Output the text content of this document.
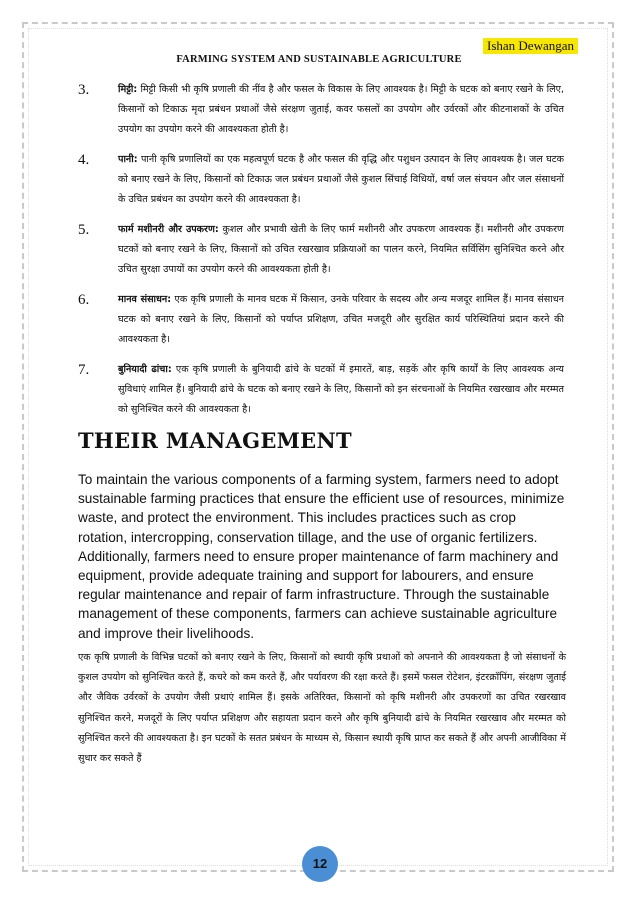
Ishan Dewangan
FARMING SYSTEM AND SUSTAINABLE AGRICULTURE
3.	मिट्टी: मिट्टी किसी भी कृषि प्रणाली की नींव है और फसल के विकास के लिए आवश्यक है। मिट्टी के घटक को बनाए रखने के लिए, किसानों को टिकाऊ मृदा प्रबंधन प्रथाओं जैसे संरक्षण जुताई, कवर फसलों का उपयोग और उर्वरकों और कीटनाशकों के उचित उपयोग का उपयोग करने की आवश्यकता होती है।
4.	पानी: पानी कृषि प्रणालियों का एक महत्वपूर्ण घटक है और फसल की वृद्धि और पशुधन उत्पादन के लिए आवश्यक है। जल घटक को बनाए रखने के लिए, किसानों को टिकाऊ जल प्रबंधन प्रथाओं जैसे कुशल सिंचाई विधियों, वर्षा जल संचयन और जल संसाधनों के उचित प्रबंधन का उपयोग करने की आवश्यकता है।
5.	फार्म मशीनरी और उपकरण: कुशल और प्रभावी खेती के लिए फार्म मशीनरी और उपकरण आवश्यक हैं। मशीनरी और उपकरण घटकों को बनाए रखने के लिए, किसानों को उचित रखरखाव प्रक्रियाओं का पालन करने, नियमित सर्विसिंग सुनिश्चित करने और उचित सुरक्षा उपायों का उपयोग करने की आवश्यकता होती है।
6.	मानव संसाधन: एक कृषि प्रणाली के मानव घटक में किसान, उनके परिवार के सदस्य और अन्य मजदूर शामिल हैं। मानव संसाधन घटक को बनाए रखने के लिए, किसानों को पर्याप्त प्रशिक्षण, उचित मजदूरी और सुरक्षित कार्य परिस्थितियां प्रदान करने की आवश्यकता है।
7.	बुनियादी ढांचा: एक कृषि प्रणाली के बुनियादी ढांचे के घटकों में इमारतें, बाड़, सड़कें और कृषि कार्यों के लिए आवश्यक अन्य सुविधाएं शामिल हैं। बुनियादी ढांचे के घटक को बनाए रखने के लिए, किसानों को इन संरचनाओं के नियमित रखरखाव और मरम्मत को सुनिश्चित करने की आवश्यकता है।
THEIR MANAGEMENT
To maintain the various components of a farming system, farmers need to adopt sustainable farming practices that ensure the efficient use of resources, minimize waste, and protect the environment. This includes practices such as crop rotation, intercropping, conservation tillage, and the use of organic fertilizers. Additionally, farmers need to ensure proper maintenance of farm machinery and equipment, provide adequate training and support for labourers, and ensure regular maintenance and repair of farm infrastructure. Through the sustainable management of these components, farmers can achieve sustainable agriculture and improve their livelihoods.
एक कृषि प्रणाली के विभिन्न घटकों को बनाए रखने के लिए, किसानों को स्थायी कृषि प्रथाओं को अपनाने की आवश्यकता है जो संसाधनों के कुशल उपयोग को सुनिश्चित करते हैं, कचरे को कम करते हैं, और पर्यावरण की रक्षा करते हैं। इसमें फसल रोटेशन, इंटरक्रॉपिंग, संरक्षण जुताई और जैविक उर्वरकों के उपयोग जैसी प्रथाएं शामिल हैं। इसके अतिरिक्त, किसानों को कृषि मशीनरी और उपकरणों का उचित रखरखाव सुनिश्चित करने, मजदूरों के लिए पर्याप्त प्रशिक्षण और सहायता प्रदान करने और कृषि बुनियादी ढांचे के नियमित रखरखाव और मरम्मत को सुनिश्चित करने की आवश्यकता है। इन घटकों के सतत प्रबंधन के माध्यम से, किसान स्थायी कृषि प्राप्त कर सकते हैं और अपनी आजीविका में सुधार कर सकते हैं
12
